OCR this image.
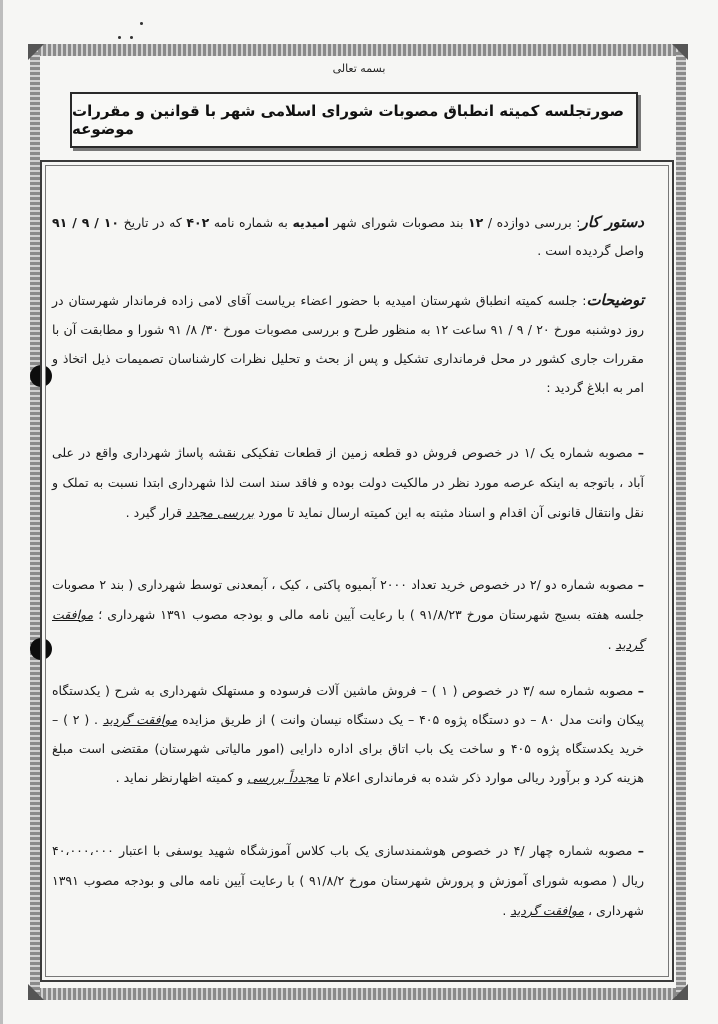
بسمه تعالی
صورتجلسه کمیته انطباق مصوبات شورای اسلامی شهر با قوانین و مقررات موضوعه
دستور کار: بررسی دوازده / ۱۲ بند مصوبات شورای شهر امیدیه به شماره نامه ۴۰۲ که در تاریخ ۱۰ / ۹ / ۹۱ واصل گردیده است .
توضیحات: جلسه کمیته انطباق شهرستان امیدیه با حضور اعضاء بریاست آقای لامی زاده فرماندار شهرستان در روز دوشنبه مورخ ۲۰ / ۹ / ۹۱ ساعت ۱۲ به منظور طرح و بررسی مصوبات مورخ ۳۰/ ۸/ ۹۱ شورا و مطابقت آن با مقررات جاری کشور در محل فرمانداری تشکیل و پس از بحث و تحلیل نظرات کارشناسان تصمیمات ذیل اتخاذ و امر به ابلاغ گردید :
– مصوبه شماره یک /۱ در خصوص فروش دو قطعه زمین از قطعات تفکیکی نقشه پاساژ شهرداری واقع در علی آباد ، باتوجه به اینکه عرصه مورد نظر در مالکیت دولت بوده و فاقد سند است لذا شهرداری ابتدا نسبت به تملک و نقل وانتقال قانونی آن اقدام و اسناد مثبته به این کمیته ارسال نماید تا مورد بررسی مجدد قرار گیرد .
– مصوبه شماره دو /۲ در خصوص خرید تعداد ۲۰۰۰ آبمیوه پاکتی ، کیک ، آبمعدنی توسط شهرداری ( بند ۲ مصوبات جلسه هفته بسیج شهرستان مورخ ۹۱/۸/۲۳ ) با رعایت آیین نامه مالی و بودجه مصوب ۱۳۹۱ شهرداری ؛ موافقت گردید .
– مصوبه شماره سه /۳ در خصوص ( ۱ ) – فروش ماشین آلات فرسوده و مستهلک شهرداری به شرح ( یکدستگاه پیکان وانت مدل ۸۰ – دو دستگاه پژوه ۴۰۵ – یک دستگاه نیسان وانت ) از طریق مزایده موافقت گردید . ( ۲ ) – خرید یکدستگاه پژوه ۴۰۵ و ساخت یک باب اتاق برای اداره دارایی (امور مالیاتی شهرستان) مقتضی است مبلغ هزینه کرد و برآورد ریالی موارد ذکر شده به فرمانداری اعلام تا مجدداً بررسی و کمیته اظهارنظر نماید .
– مصوبه شماره چهار /۴ در خصوص هوشمندسازی یک باب کلاس آموزشگاه شهید یوسفی با اعتبار ۴۰،۰۰۰،۰۰۰ ریال ( مصوبه شورای آموزش و پرورش شهرستان مورخ ۹۱/۸/۲ ) با رعایت آیین نامه مالی و بودجه مصوب ۱۳۹۱ شهرداری ، موافقت گردید .
